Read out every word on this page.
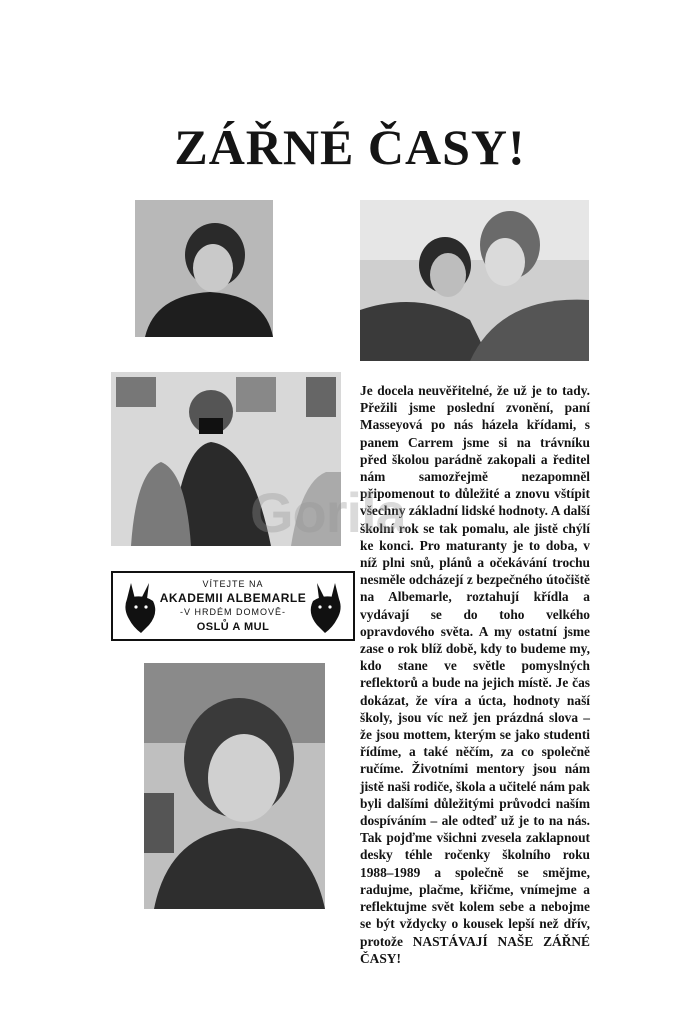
ZÁŘNÉ ČASY!
VÍTEJTE NA
AKADEMII ALBEMARLE
-V HRDÉM DOMOVĚ-
OSLŮ A MUL

Je docela neuvěřitelné, že už je to tady. Přežili jsme poslední zvonění, paní Masseyová po nás házela křídami, s panem Carrem jsme si na trávníku před školou parádně zakopali a ředitel nám samozřejmě nezapomněl připomenout to důležité a znovu vštípit všechny základní lidské hodnoty. A další školní rok se tak pomalu, ale jistě chýlí ke konci. Pro maturanty je to doba, v níž plni snů, plánů a očekávání trochu nesměle odcházejí z bezpečného útočiště na Albemarle, roztahují křídla a vydávají se do toho velkého opravdového světa. A my ostatní jsme zase o rok blíž době, kdy to budeme my, kdo stane ve světle pomyslných reflektorů a bude na jejich místě. Je čas dokázat, že víra a úcta, hodnoty naší školy, jsou víc než jen prázdná slova – že jsou mottem, kterým se jako studenti řídíme, a také něčím, za co společně ručíme. Životními mentory jsou nám jistě naši rodiče, škola a učitelé nám pak byli dalšími důležitými průvodci naším dospíváním – ale odteď už je to na nás. Tak pojďme všichni zvesela zaklapnout desky téhle ročenky školního roku 1988–1989 a společně se smějme, radujme, plačme, křičme, vnímejme a reflektujme svět kolem sebe a nebojme se být vždycky o kousek lepší než dřív, protože NASTÁVAJÍ NAŠE ZÁŘNÉ ČASY!

Gorila
